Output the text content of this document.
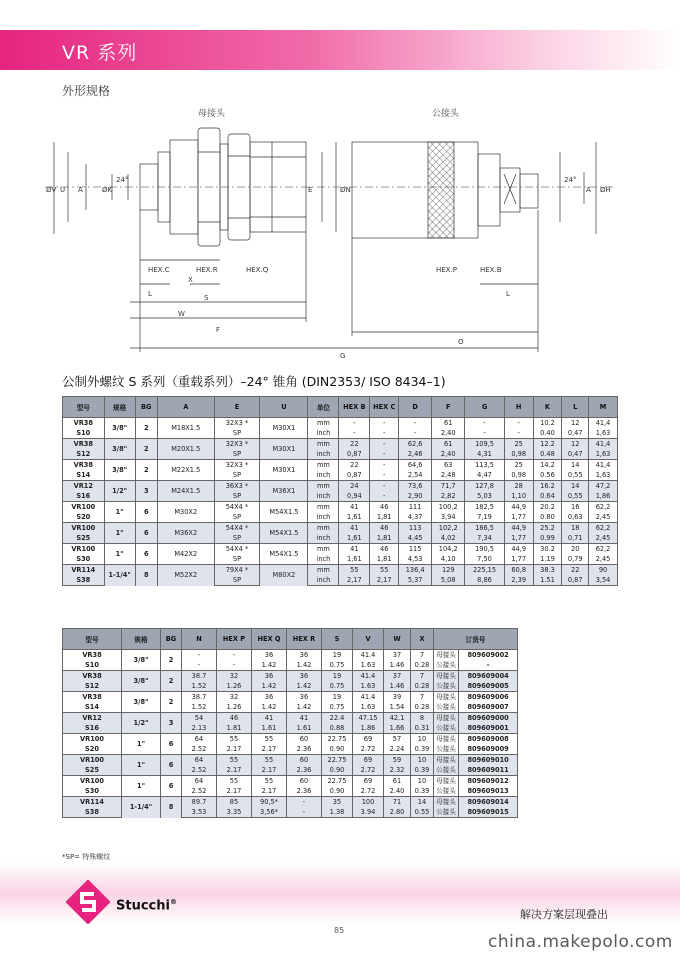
VR 系列
外形规格
母接头	公接头
ØV U A	ØK
24°
E	ØN	ØH
24°
A
HEX.C	HEX.R	HEX.Q	HEX.P	HEX.B
X
S
L
W
F
G
L
O
公制外螺纹 S 系列（重载系列）–24° 锥角 (DIN2353/ ISO 8434–1)
型号	规格	BG	A	E	U	单位	HEX B	HEX C	D	F	G	H	K	L	M
VR38	3/8"	2	M18X1.5	32X3 *	M30X1	mm	-	-	-	61	-	-	10.2	12	41,4
S10				SP		inch	-	-	-	2,40	-	-	0.40	0,47	1,63
VR38	3/8"	2	M20X1.5	32X3 *	M30X1	mm	22	-	62,6	61	109,5	25	12.2	12	41,4
S12				SP		inch	0,87	-	2,46	2,40	4,31	0,98	0.48	0,47	1,63
VR38	3/8"	2	M22X1.5	32X3 *	M30X1	mm	22	-	64,6	63	113,5	25	14.2	14	41,4
S14				SP		inch	0,87	-	2,54	2,48	4,47	0,98	0.56	0,55	1,63
VR12	1/2"	3	M24X1.5	36X3 *	M36X1	mm	24	-	73,6	71,7	127,8	28	16.2	14	47,2
S16				SP		inch	0,94	-	2,90	2,82	5,03	1,10	0.64	0,55	1,86
VR100	1"	6	M30X2	54X4 *	M54X1.5	mm	41	46	111	100,2	182,5	44,9	20.2	16	62,2
S20				SP		inch	1,61	1,81	4,37	3,94	7,19	1,77	0.80	0,63	2,45
VR100	1"	6	M36X2	54X4 *	M54X1.5	mm	41	46	113	102,2	186,5	44,9	25.2	18	62,2
S25				SP		inch	1,61	1,81	4,45	4,02	7,34	1,77	0.99	0,71	2,45
VR100	1"	6	M42X2	54X4 *	M54X1.5	mm	41	46	115	104,2	190,5	44,9	30.2	20	62,2
S30				SP		inch	1,61	1,81	4,53	4,10	7,50	1,77	1.19	0,79	2,45
VR114	1-1/4"	8	M52X2	79X4 *	M80X2	mm	55	55	136,4	129	225,15	60,8	38.3	22	90
S38				SP		inch	2,17	2,17	5,37	5,08	8,86	2,39	1.51	0,87	3,54
型号	规格	BG	N	HEX P	HEX Q	HEX R	S	V	W	X	订货号	
VR38	3/8"	2	-	-	36	36	19	41.4	37	7	母接头	809609002
S10			-	-	1.42	1.42	0.75	1.63	1.46	0.28	公接头	-
VR38	3/8"	2	38.7	32	36	36	19	41.4	37	7	母接头	809609004
S12			1.52	1.26	1.42	1.42	0.75	1.63	1.46	0.28	公接头	809609005
VR38	3/8"	2	38.7	32	36	36	19	41.4	39	7	母接头	809609006
S14			1.52	1.26	1.42	1.42	0.75	1.63	1.54	0.28	公接头	809609007
VR12	1/2"	3	54	46	41	41	22.4	47.15	42.1	8	母接头	809609000
S16			2.13	1.81	1.61	1.61	0.88	1.86	1.66	0.31	公接头	809609001
VR100	1"	6	64	55	55	60	22.75	69	57	10	母接头	809609008
S20			2.52	2.17	2.17	2.36	0.90	2.72	2.24	0.39	公接头	809609009
VR100	1"	6	64	55	55	60	22.75	69	59	10	母接头	809609010
S25			2.52	2.17	2.17	2.36	0.90	2.72	2.32	0.39	公接头	809609011
VR100	1"	6	64	55	55	60	22.75	69	61	10	母接头	809609012
S30			2.52	2.17	2.17	2.36	0.90	2.72	2.40	0.39	公接头	809609013
VR114	1-1/4"	8	89.7	85	90,5*	-	35	100	71	14	母接头	809609014
S38			3.53	3.35	3,56*	-	1.38	3.94	2.80	0.55	公接头	809609015
*SP= 特殊螺纹
Stucchi®
解决方案层现叠出
85
china.makepolo.com
